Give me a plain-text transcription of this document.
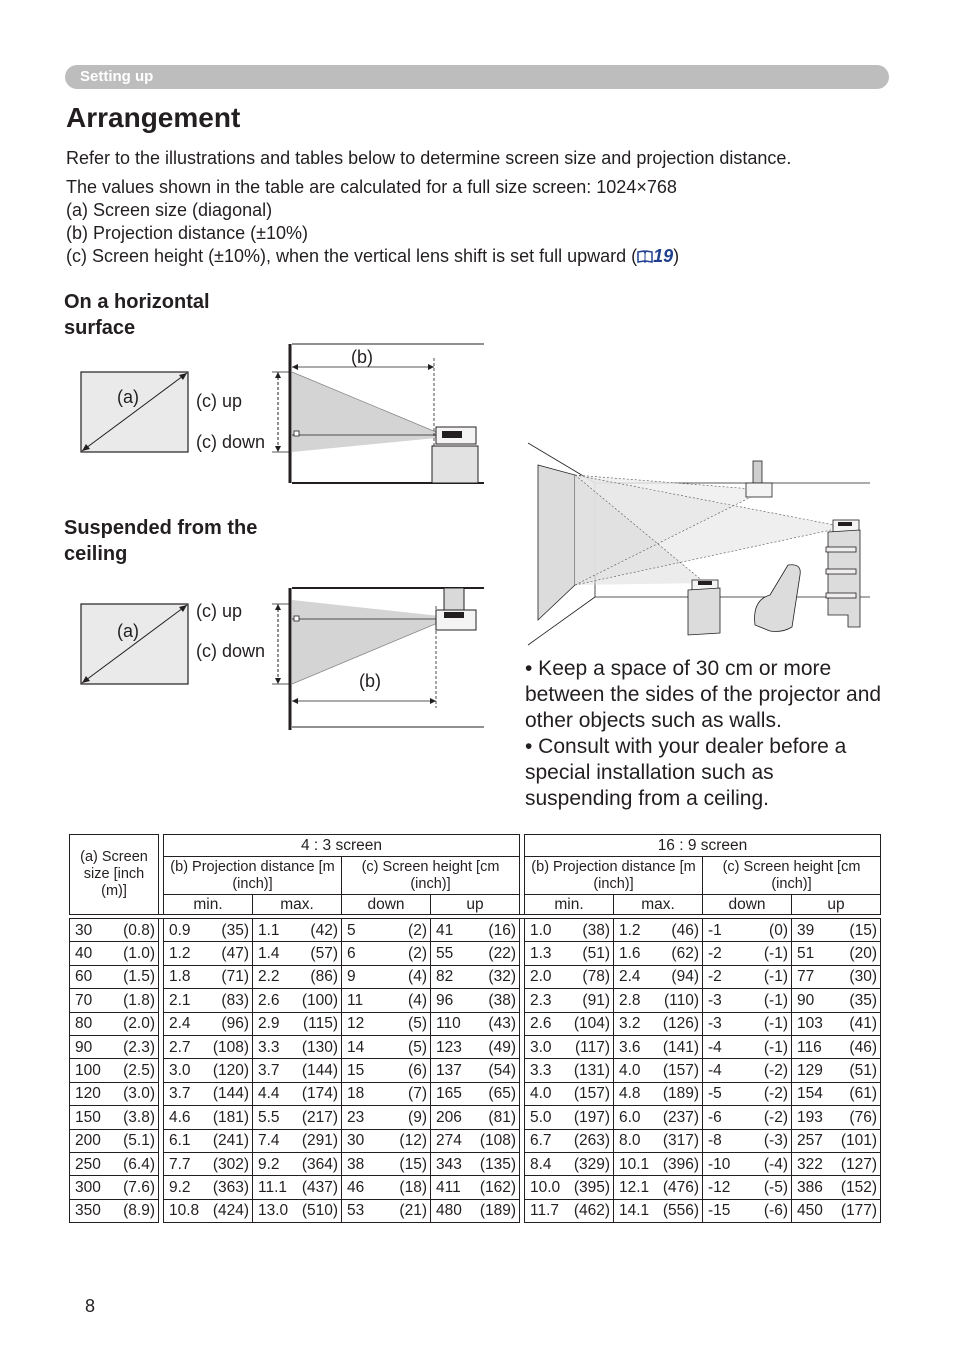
Setting up
Arrangement
Refer to the illustrations and tables below to determine screen size and projection distance.
The values shown in the table are calculated for a full size screen: 1024×768
(a) Screen size (diagonal)
(b) Projection distance (±10%)
(c) Screen height (±10%), when the vertical lens shift is set full upward ( 19)
On a horizontal surface
Suspended from the ceiling
(a)
(b)
(c) up
(c) down
(a)
(b)
(c) up
(c) down

• Keep a space of 30 cm or more between the sides of the projector and other objects such as walls.

• Consult with your dealer before a special installation such as suspending from a ceiling.

(a) Screen size [inch (m)]		4 : 3 screen					16 : 9 screen			
		(b) Projection distance [m (inch)]		(c) Screen height [cm (inch)]			(b) Projection distance [m (inch)]		(c) Screen height [cm (inch)]	
		min.	max.	down	up		min.	max.	down	up

30 (0.8)		0.9 (35)	1.1 (42)	5 (2)	41 (16)		1.0 (38)	1.2 (46)	-1 (0)	39 (15)
40 (1.0)		1.2 (47)	1.4 (57)	6 (2)	55 (22)		1.3 (51)	1.6 (62)	-2 (-1)	51 (20)
60 (1.5)		1.8 (71)	2.2 (86)	9 (4)	82 (32)		2.0 (78)	2.4 (94)	-2 (-1)	77 (30)
70 (1.8)		2.1 (83)	2.6 (100)	11 (4)	96 (38)		2.3 (91)	2.8 (110)	-3 (-1)	90 (35)
80 (2.0)		2.4 (96)	2.9 (115)	12 (5)	110 (43)		2.6 (104)	3.2 (126)	-3 (-1)	103 (41)
90 (2.3)		2.7 (108)	3.3 (130)	14 (5)	123 (49)		3.0 (117)	3.6 (141)	-4 (-1)	116 (46)
100 (2.5)		3.0 (120)	3.7 (144)	15 (6)	137 (54)		3.3 (131)	4.0 (157)	-4 (-2)	129 (51)
120 (3.0)		3.7 (144)	4.4 (174)	18 (7)	165 (65)		4.0 (157)	4.8 (189)	-5 (-2)	154 (61)
150 (3.8)		4.6 (181)	5.5 (217)	23 (9)	206 (81)		5.0 (197)	6.0 (237)	-6 (-2)	193 (76)
200 (5.1)		6.1 (241)	7.4 (291)	30 (12)	274 (108)		6.7 (263)	8.0 (317)	-8 (-3)	257 (101)
250 (6.4)		7.7 (302)	9.2 (364)	38 (15)	343 (135)		8.4 (329)	10.1 (396)	-10 (-4)	322 (127)
300 (7.6)		9.2 (363)	11.1 (437)	46 (18)	411 (162)		10.0 (395)	12.1 (476)	-12 (-5)	386 (152)
350 (8.9)		10.8 (424)	13.0 (510)	53 (21)	480 (189)		11.7 (462)	14.1 (556)	-15 (-6)	450 (177)
8
